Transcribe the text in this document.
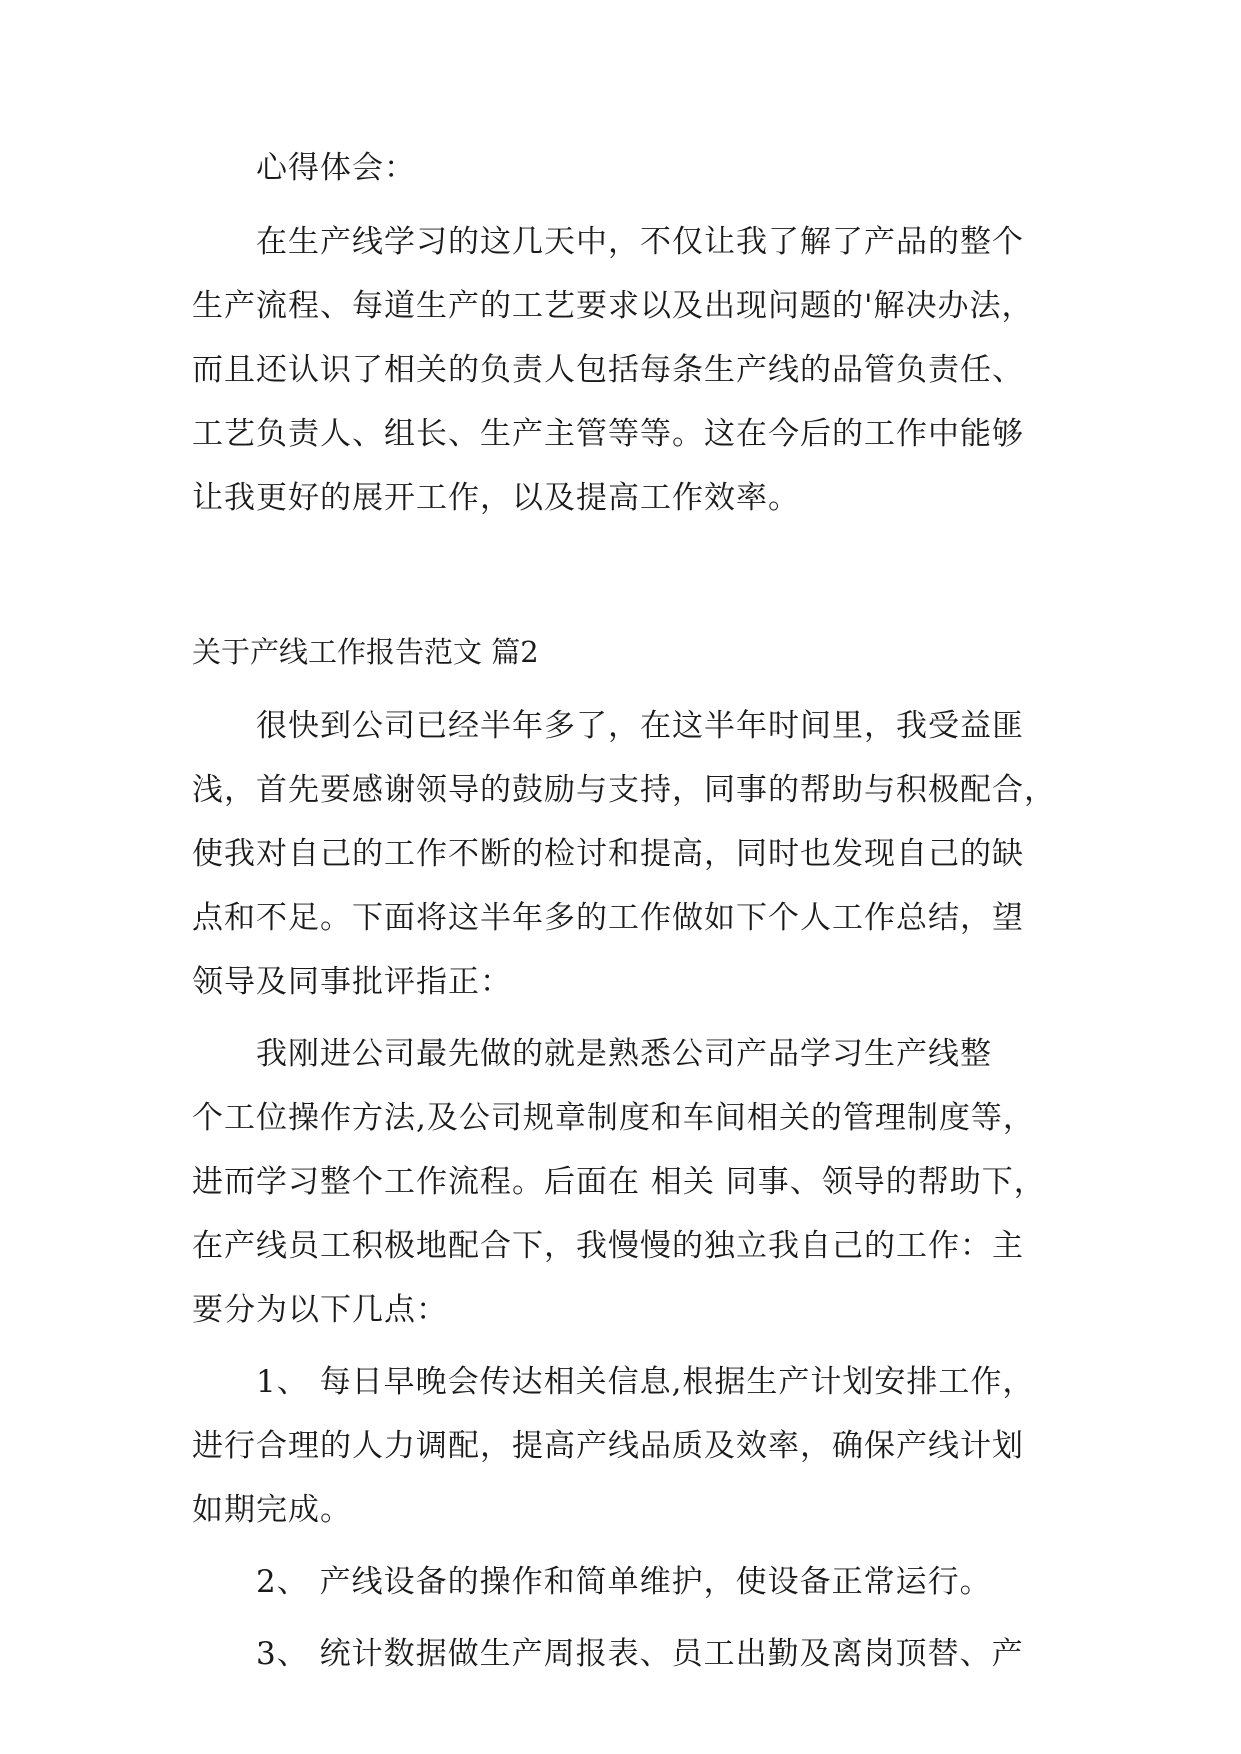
心得体会：
在生产线学习的这几天中，不仅让我了解了产品的整个
生产流程、每道生产的工艺要求以及出现问题的'解决办法，
而且还认识了相关的负责人包括每条生产线的品管负责任、
工艺负责人、组长、生产主管等等。这在今后的工作中能够
让我更好的展开工作，以及提高工作效率。
关于产线工作报告范文 篇2
很快到公司已经半年多了，在这半年时间里，我受益匪
浅，首先要感谢领导的鼓励与支持，同事的帮助与积极配合，
使我对自己的工作不断的检讨和提高，同时也发现自己的缺
点和不足。下面将这半年多的工作做如下个人工作总结，望
领导及同事批评指正：
我刚进公司最先做的就是熟悉公司产品学习生产线整
个工位操作方法,及公司规章制度和车间相关的管理制度等，
进而学习整个工作流程。后面在 相关 同事、领导的帮助下，
在产线员工积极地配合下，我慢慢的独立我自己的工作：主
要分为以下几点：
1、 每日早晚会传达相关信息,根据生产计划安排工作，
进行合理的人力调配，提高产线品质及效率，确保产线计划
如期完成。
2、 产线设备的操作和简单维护，使设备正常运行。
3、 统计数据做生产周报表、员工出勤及离岗顶替、产
